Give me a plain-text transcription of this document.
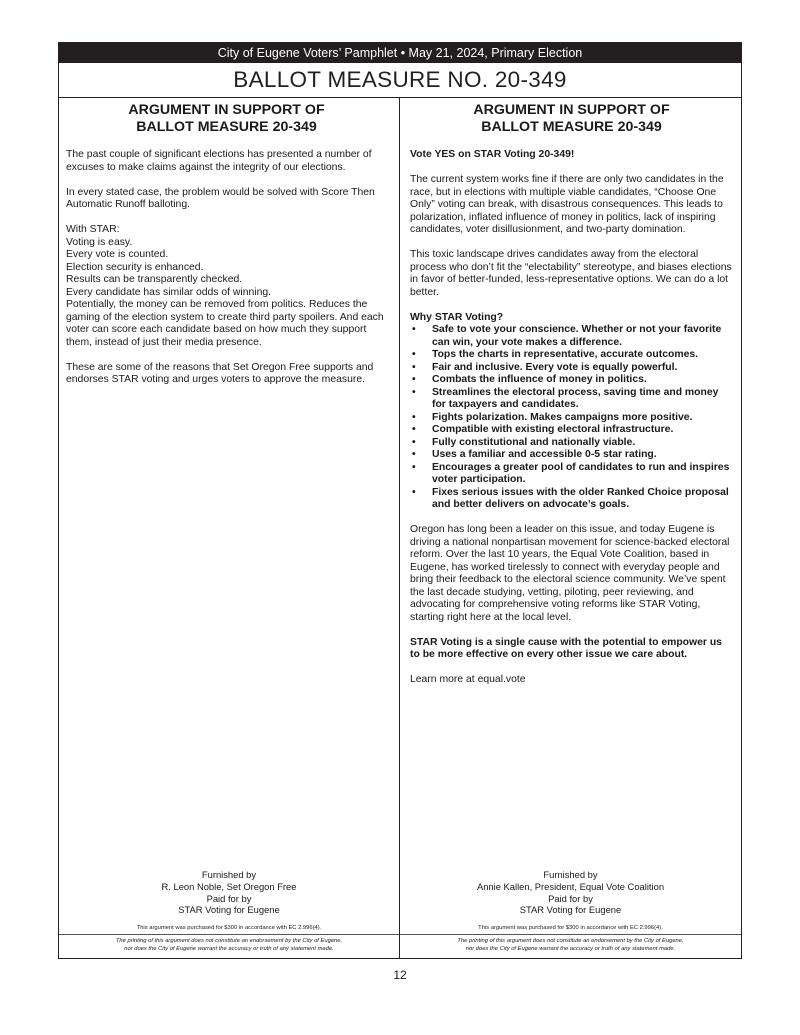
City of Eugene Voters’ Pamphlet • May 21, 2024, Primary Election
BALLOT MEASURE NO. 20-349
ARGUMENT IN SUPPORT OF
BALLOT MEASURE 20-349

The past couple of significant elections has presented a number of excuses to make claims against the integrity of our elections.

In every stated case, the problem would be solved with Score Then Automatic Runoff balloting.

With STAR:
Voting is easy.
Every vote is counted.
Election security is enhanced.
Results can be transparently checked.
Every candidate has similar odds of winning.
Potentially, the money can be removed from politics. Reduces the gaming of the election system to create third party spoilers. And each voter can score each candidate based on how much they support them, instead of just their media presence.

These are some of the reasons that Set Oregon Free supports and endorses STAR voting and urges voters to approve the measure.

Furnished by
R. Leon Noble, Set Oregon Free
Paid for by
STAR Voting for Eugene
This argument was purchased for $300 in accordance with EC 2.996(4).
The printing of this argument does not constitute an endorsement by the City of Eugene,
nor does the City of Eugene warrant the accuracy or truth of any statement made.
ARGUMENT IN SUPPORT OF
BALLOT MEASURE 20-349

Vote YES on STAR Voting 20-349!

The current system works fine if there are only two candidates in the race, but in elections with multiple viable candidates, “Choose One Only” voting can break, with disastrous consequences. This leads to polarization, inflated influence of money in politics, lack of inspiring candidates, voter disillusionment, and two-party domination.

This toxic landscape drives candidates away from the electoral process who don’t fit the “electability” stereotype, and biases elections in favor of better-funded, less-representative options. We can do a lot better.

Why STAR Voting?
• Safe to vote your conscience. Whether or not your favorite can win, your vote makes a difference.
• Tops the charts in representative, accurate outcomes.
• Fair and inclusive. Every vote is equally powerful.
• Combats the influence of money in politics.
• Streamlines the electoral process, saving time and money for taxpayers and candidates.
• Fights polarization. Makes campaigns more positive.
• Compatible with existing electoral infrastructure.
• Fully constitutional and nationally viable.
• Uses a familiar and accessible 0-5 star rating.
• Encourages a greater pool of candidates to run and inspires voter participation.
• Fixes serious issues with the older Ranked Choice proposal and better delivers on advocate’s goals.

Oregon has long been a leader on this issue, and today Eugene is driving a national nonpartisan movement for science-backed electoral reform. Over the last 10 years, the Equal Vote Coalition, based in Eugene, has worked tirelessly to connect with everyday people and bring their feedback to the electoral science community. We’ve spent the last decade studying, vetting, piloting, peer reviewing, and advocating for comprehensive voting reforms like STAR Voting, starting right here at the local level.

STAR Voting is a single cause with the potential to empower us to be more effective on every other issue we care about.

Learn more at equal.vote

Furnished by
Annie Kallen, President, Equal Vote Coalition
Paid for by
STAR Voting for Eugene
This argument was purchased for $300 in accordance with EC 2.996(4).
The printing of this argument does not constitute an endorsement by the City of Eugene,
nor does the City of Eugene warrant the accuracy or truth of any statement made.
12
